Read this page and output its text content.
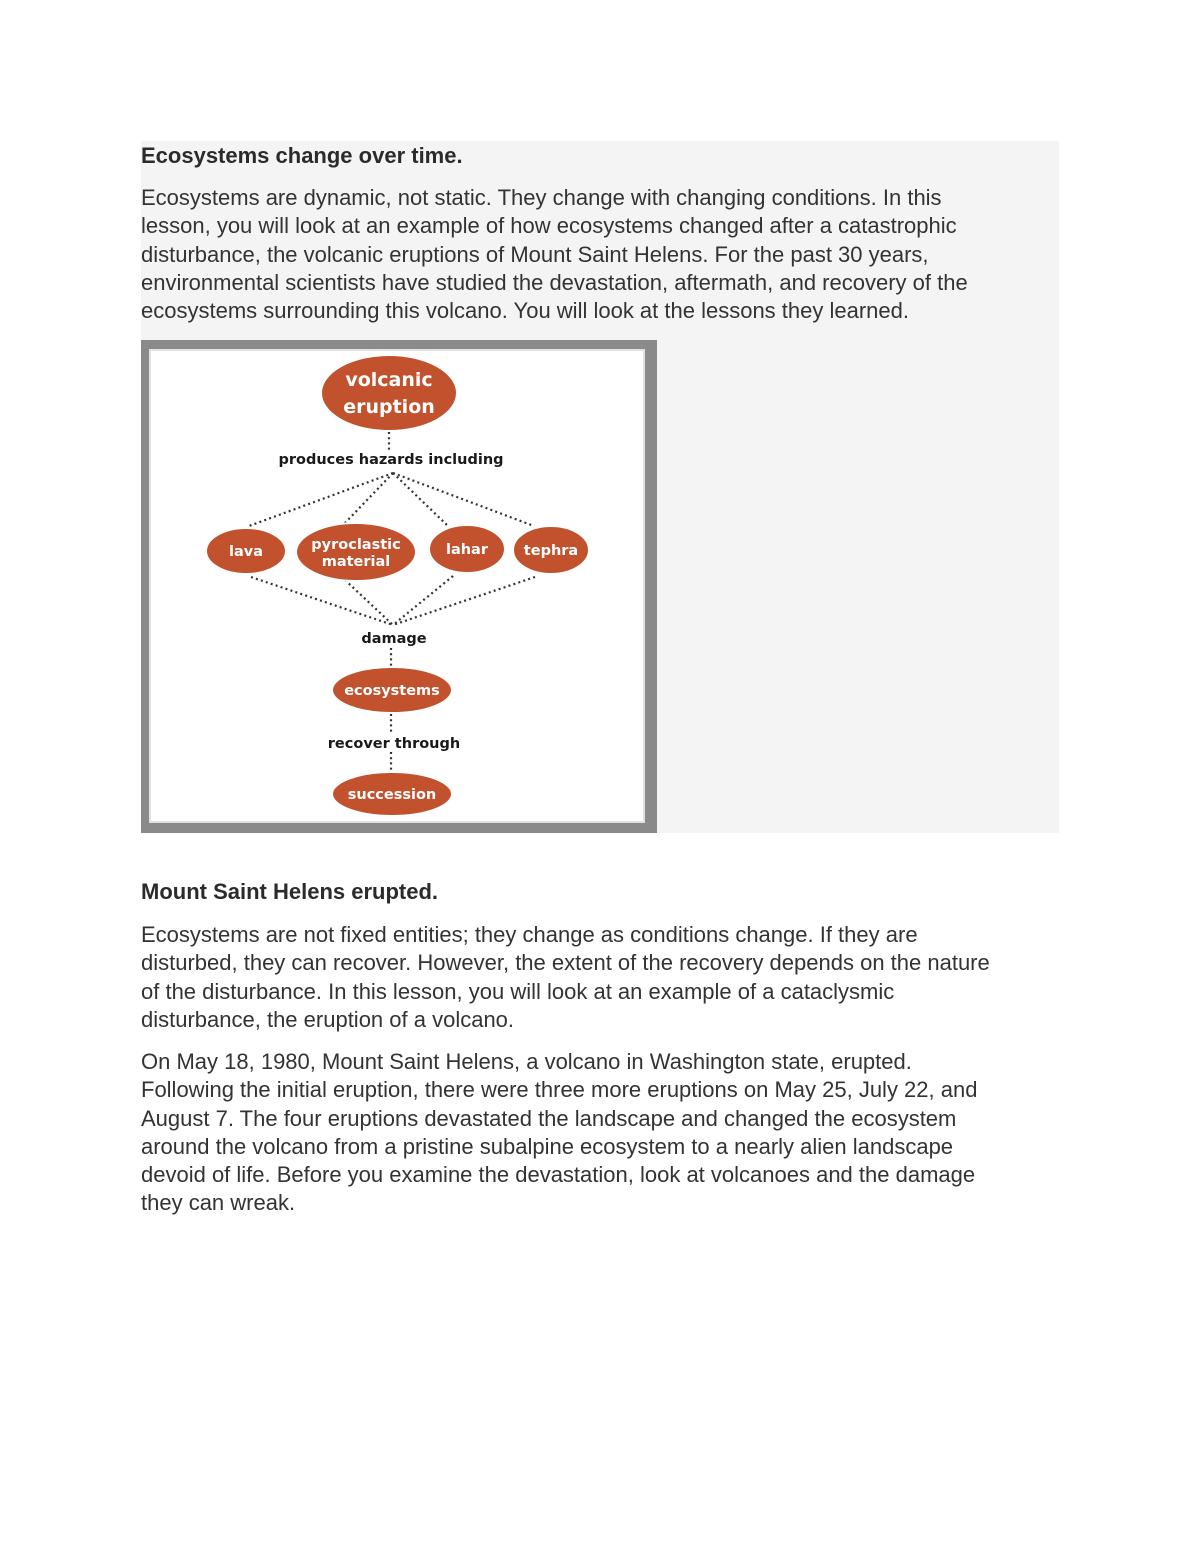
Ecosystems change over time.

Ecosystems are dynamic, not static. They change with changing conditions. In this
lesson, you will look at an example of how ecosystems changed after a catastrophic
disturbance, the volcanic eruptions of Mount Saint Helens. For the past 30 years,
environmental scientists have studied the devastation, aftermath, and recovery of the
ecosystems surrounding this volcano. You will look at the lessons they learned.

volcanic
eruption
produces hazards including
lava	pyroclastic
material
lahar tephra
damage
ecosystems
recover through
succession
Mount Saint Helens erupted.

Ecosystems are not fixed entities; they change as conditions change. If they are
disturbed, they can recover. However, the extent of the recovery depends on the nature
of the disturbance. In this lesson, you will look at an example of a cataclysmic
disturbance, the eruption of a volcano.

On May 18, 1980, Mount Saint Helens, a volcano in Washington state, erupted.
Following the initial eruption, there were three more eruptions on May 25, July 22, and
August 7. The four eruptions devastated the landscape and changed the ecosystem
around the volcano from a pristine subalpine ecosystem to a nearly alien landscape
devoid of life. Before you examine the devastation, look at volcanoes and the damage
they can wreak.
